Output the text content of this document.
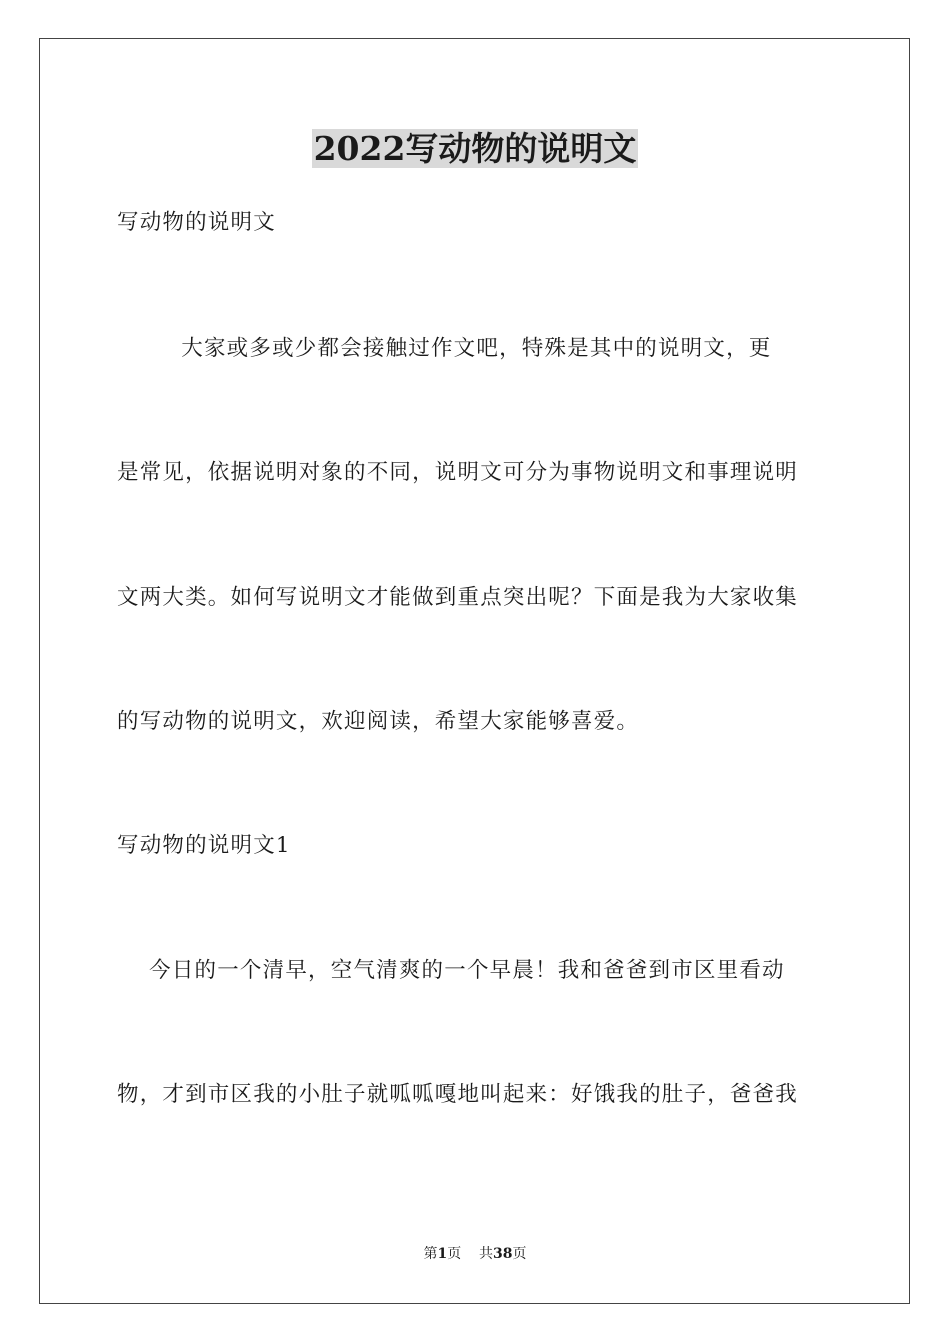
2022写动物的说明文
写动物的说明文
大家或多或少都会接触过作文吧，特殊是其中的说明文，更
是常见，依据说明对象的不同，说明文可分为事物说明文和事理说明
文两大类。如何写说明文才能做到重点突出呢？下面是我为大家收集
的写动物的说明文，欢迎阅读，希望大家能够喜爱。
写动物的说明文1
今日的一个清早，空气清爽的一个早晨！我和爸爸到市区里看动
物，才到市区我的小肚子就呱呱嘎地叫起来：好饿我的肚子，爸爸我
第1页    共38页
